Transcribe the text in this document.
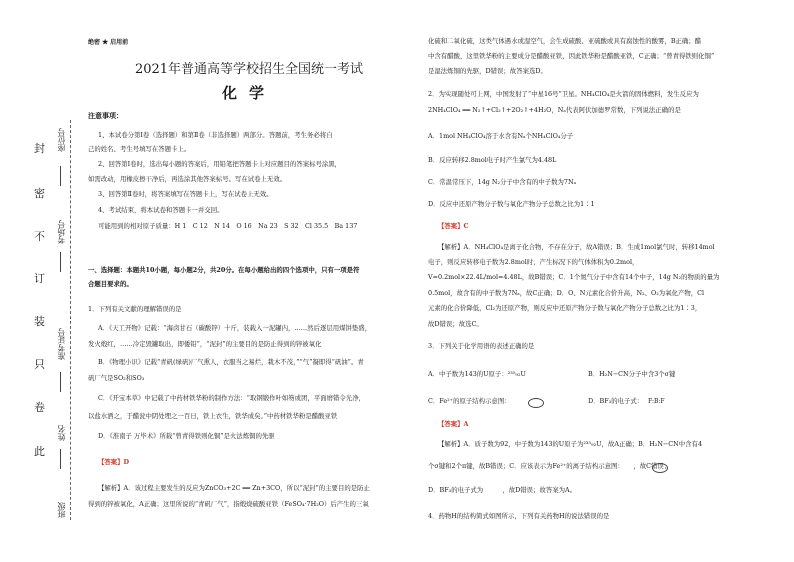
封
密
不
订
装
只
卷
此
座位号
考场号
准考证号
姓名
班级
绝密 ★ 启用前
2021年普通高等学校招生全国统一考试
化学
注意事项：
1、本试卷分第Ⅰ卷（选择题）和第Ⅱ卷（非选择题）两部分。答题前，考生务必将自
己的姓名、考生号填写在答题卡上。
2、回答第Ⅰ卷时，选出每小题的答案后，用铅笔把答题卡上对应题目的答案标号涂黑，
如需改动，用橡皮擦干净后，再选涂其他答案标号。写在试卷上无效。
3、回答第Ⅱ卷时，将答案填写在答题卡上，写在试卷上无效。
4、考试结束，将本试卷和答题卡一并交回。
可能用到的相对原子质量：H 1　C 12　N 14　O 16　Na 23　S 32　Cl 35.5　Ba 137
一、选择题：本题共10小题，每小题2分，共20分。在每小题给出的四个选项中，只有一项是符
合题目要求的。
1．下列有关文献的理解错误的是
A．《天工开物》记载：“海卤甘石（碳酸锌）十斤，装载入一泥罐内，……然后逐层用煤饼垫盛，
发火煅红，……冷定毁罐取出，即倭铅”，“泥封”的主要目的是防止得到的锌被氧化
B．《物理小识》记载“青矾(绿矾)厂气熏人，衣服当之易烂，栽木不茂，”“气”凝即得“矾油”。青
矾厂气是SO₂和SO₃
C．《开宝本草》中记载了中药材铁华粉的制作方法：“取钢锻作叶如笏或团，平面磨错令光净，
以盐水洒之，于醋瓮中阴处埋之一百日，铁上衣生，铁华成矣。”中药材铁华粉是醋酸亚铁
D．《淮南子 万毕术》所载“曾青得铁则化铜”是火法炼铜的先驱
【答案】D
【解析】A．该过程主要发生的反应为ZnCO₃+2C ══ Zn+3CO，所以“泥封”的主要目的是防止
得到的锌被氧化，A正确；这里所说的“青矾厂气”，指煅烧硫酸亚铁（FeSO₄·7H₂O）后产生的三氧
化硫和二氧化硫，这类气体遇水或湿空气，会生成硫酸、亚硫酸或具有腐蚀性的酸雾，B正确；醋
中含有醋酸，这里铁华粉的主要成分是醋酸亚铁，因此铁华粉是醋酸亚铁，C正确；“曾青得铁则化铜”
是湿法炼铜的先驱，D错误；故答案选D。
2．为实现随处可上网，中国发射了“中星16号”卫星。NH₄ClO₄是火箭的固体燃料，发生反应为
2NH₄ClO₄ ══ N₂↑+Cl₂↑+2O₂↑+4H₂O，Nₐ代表阿伏加德罗常数，下列说法正确的是
A．1mol NH₄ClO₄溶于水含有Nₐ个NH₄ClO₄分子
B．反应转移2.8mol电子时产生氯气为4.48L
C．常温常压下，14g N₂分子中含有的中子数为7Nₐ
D．反应中还原产物分子数与氧化产物分子总数之比为1∶1
【答案】C
【解析】A．NH₄ClO₄是离子化合物，不存在分子，故A错误；B．生成1mol氯气时，转移14mol
电子，则反应转移电子数为2.8mol时，产生标况下的气体体积为0.2mol，
V=0.2mol×22.4L/mol=4.48L，故B错误；C．1个氮气分子中含有14个中子，14g N₂的物质的量为
0.5mol，故含有的中子数为7Nₐ，故C正确；D．O、N元素化合价升高，N₂、O₂为氧化产物，Cl
元素的化合价降低，Cl₂为还原产物，则反应中还原产物分子数与氧化产物分子总数之比为1∶3，
故D错误；故选C。
3．下列关于化学用语的表述正确的是
A．中子数为143的U原子：²³⁵₉₂U	B．H₂N−CN分子中含3个σ键
C．Fe²⁺的原子结构示意图：	D．BF₃的电子式： F:B:F
【答案】A
【解析】A．质子数为92，中子数为143的U原子为²³⁵₉₂U，故A正确；B．H₂N−CN中含有4
个σ键和2个π键，故B错误；C．应该表示为Fe²⁺的离子结构示意图：　　，故C错误；
D．BF₃的电子式为　　　，故D错误；故答案为A。
4．药物H的结构简式如图所示，下列有关药物H的说法错误的是
